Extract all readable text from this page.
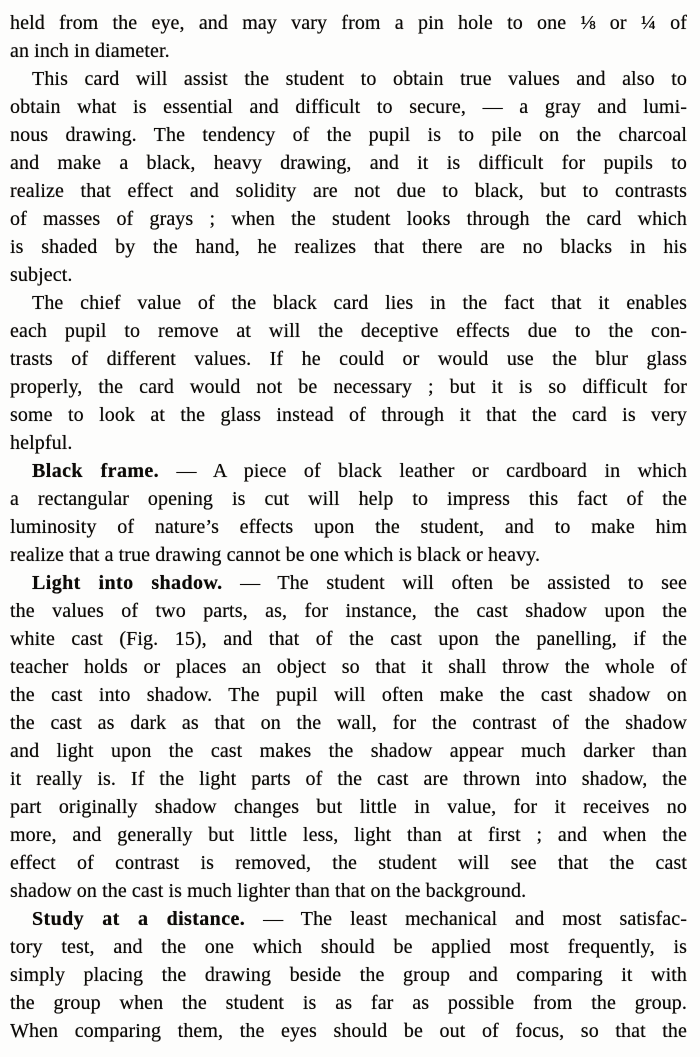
held from the eye, and may vary from a pin hole to one ⅛ or ¼ of
an inch in diameter.
This card will assist the student to obtain true values and also to
obtain what is essential and difficult to secure, — a gray and lumi-
nous drawing. The tendency of the pupil is to pile on the charcoal
and make a black, heavy drawing, and it is difficult for pupils to
realize that effect and solidity are not due to black, but to contrasts
of masses of grays ; when the student looks through the card which
is shaded by the hand, he realizes that there are no blacks in his
subject.
The chief value of the black card lies in the fact that it enables
each pupil to remove at will the deceptive effects due to the con-
trasts of different values. If he could or would use the blur glass
properly, the card would not be necessary ; but it is so difficult for
some to look at the glass instead of through it that the card is very
helpful.
Black frame. — A piece of black leather or cardboard in which
a rectangular opening is cut will help to impress this fact of the
luminosity of nature’s effects upon the student, and to make him
realize that a true drawing cannot be one which is black or heavy.
Light into shadow. — The student will often be assisted to see
the values of two parts, as, for instance, the cast shadow upon the
white cast (Fig. 15), and that of the cast upon the panelling, if the
teacher holds or places an object so that it shall throw the whole of
the cast into shadow. The pupil will often make the cast shadow on
the cast as dark as that on the wall, for the contrast of the shadow
and light upon the cast makes the shadow appear much darker than
it really is. If the light parts of the cast are thrown into shadow, the
part originally shadow changes but little in value, for it receives no
more, and generally but little less, light than at first ; and when the
effect of contrast is removed, the student will see that the cast
shadow on the cast is much lighter than that on the background.
Study at a distance. — The least mechanical and most satisfac-
tory test, and the one which should be applied most frequently, is
simply placing the drawing beside the group and comparing it with
the group when the student is as far as possible from the group.
When comparing them, the eyes should be out of focus, so that the
